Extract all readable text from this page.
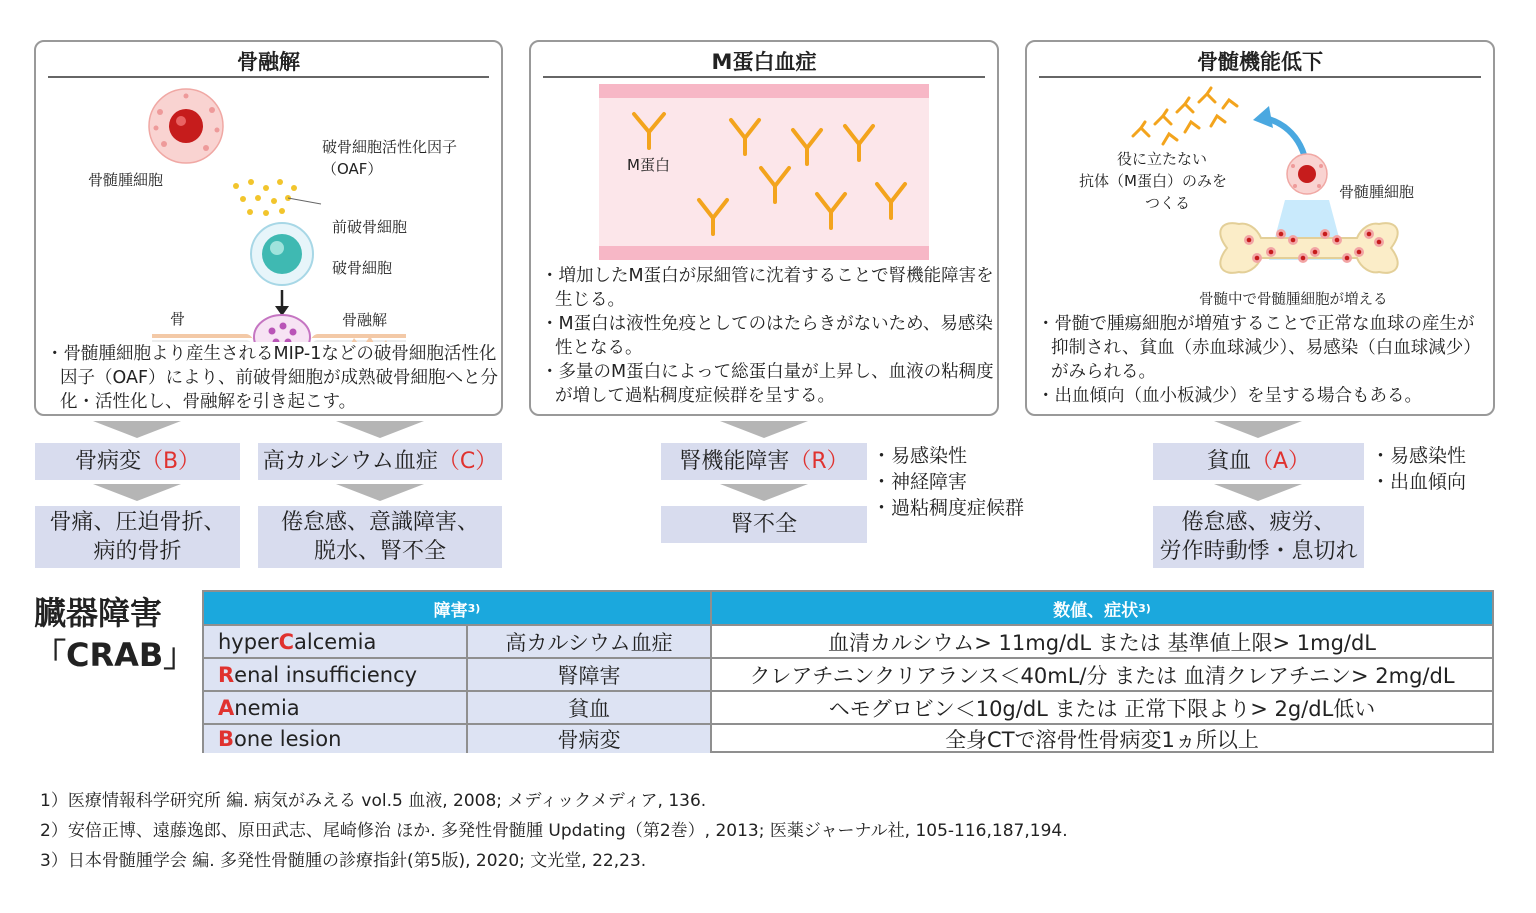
骨融解
骨髄腫細胞
破骨細胞活性化因子
（OAF）
前破骨細胞
破骨細胞
骨	骨融解
・骨髄腫細胞より産生されるMIP-1などの破骨細胞活性化因子（OAF）により、前破骨細胞が成熟破骨細胞へと分化・活性化し、骨融解を引き起こす。
M蛋白血症
M蛋白
・増加したM蛋白が尿細管に沈着することで腎機能障害を生じる。
・M蛋白は液性免疫としてのはたらきがないため、易感染性となる。
・多量のM蛋白によって総蛋白量が上昇し、血液の粘稠度が増して過粘稠度症候群を呈する。
骨髄機能低下
役に立たない
抗体（M蛋白）のみを
つくる
骨髄腫細胞
骨髄中で骨髄腫細胞が増える
・骨髄で腫瘍細胞が増殖することで正常な血球の産生が抑制され、貧血（赤血球減少）、易感染（白血球減少）がみられる。
・出血傾向（血小板減少）を呈する場合もある。
骨病変 （B）	高カルシウム血症 （C）	腎機能障害 （R）	貧血 （A）
骨痛、圧迫骨折、
病的骨折
倦怠感、意識障害、
脱水、腎不全
腎不全	倦怠感、疲労、
労作時動悸・息切れ
・易感染性
・神経障害
・過粘稠度症候群
・易感染性
・出血傾向
臓器障害
「CRAB」
障害 3)	数値、症状 3)
hyper C alcemia	高カルシウム血症	血清カルシウム> 11mg/dL または 基準値上限> 1mg/dL
R enal insufficiency	腎障害	クレアチニンクリアランス＜40mL/分 または 血清クレアチニン> 2mg/dL
A nemia	貧血	ヘモグロビン＜10g/dL または 正常下限より> 2g/dL低い
B one lesion	骨病変	全身CTで溶骨性骨病変1ヵ所以上
1）医療情報科学研究所 編. 病気がみえる vol.5 血液, 2008; メディックメディア, 136.
2）安倍正博、遠藤逸郎、原田武志、尾崎修治 ほか. 多発性骨髄腫 Updating（第2巻）, 2013; 医薬ジャーナル社, 105-116,187,194.
3）日本骨髄腫学会 編. 多発性骨髄腫の診療指針(第5版), 2020; 文光堂, 22,23.
